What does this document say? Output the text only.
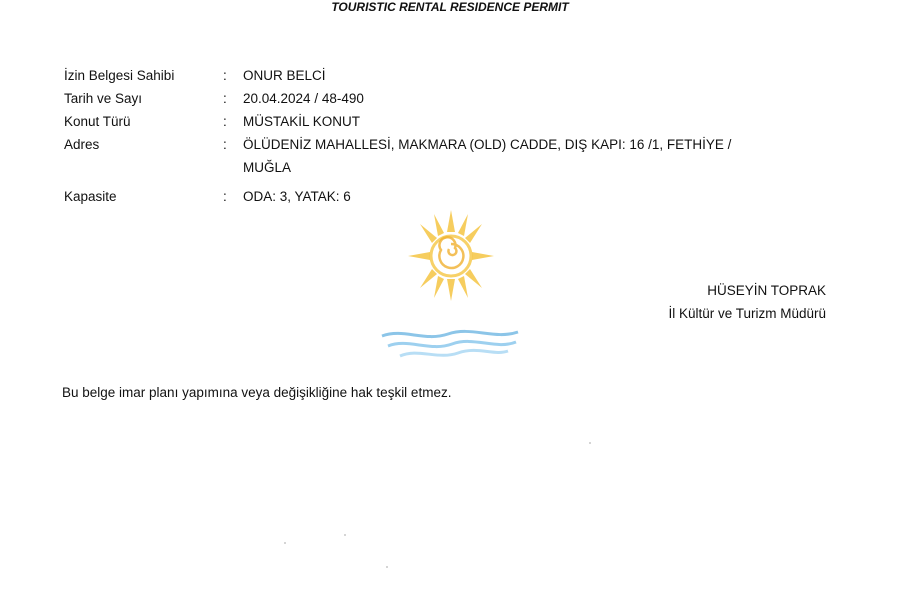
TOURISTIC RENTAL RESIDENCE PERMIT
İzin Belgesi Sahibi	:	ONUR BELCİ
Tarih ve Sayı	:	20.04.2024 / 48-490
Konut Türü	:	MÜSTAKİL KONUT
Adres	:	ÖLÜDENİZ MAHALLESİ, MAKMARA (OLD) CADDE, DIŞ KAPI: 16 /1, FETHİYE /
MUĞLA
Kapasite	:	ODA: 3, YATAK: 6
HÜSEYİN TOPRAK
İl Kültür ve Turizm Müdürü
Bu belge imar planı yapımına veya değişikliğine hak teşkil etmez.
